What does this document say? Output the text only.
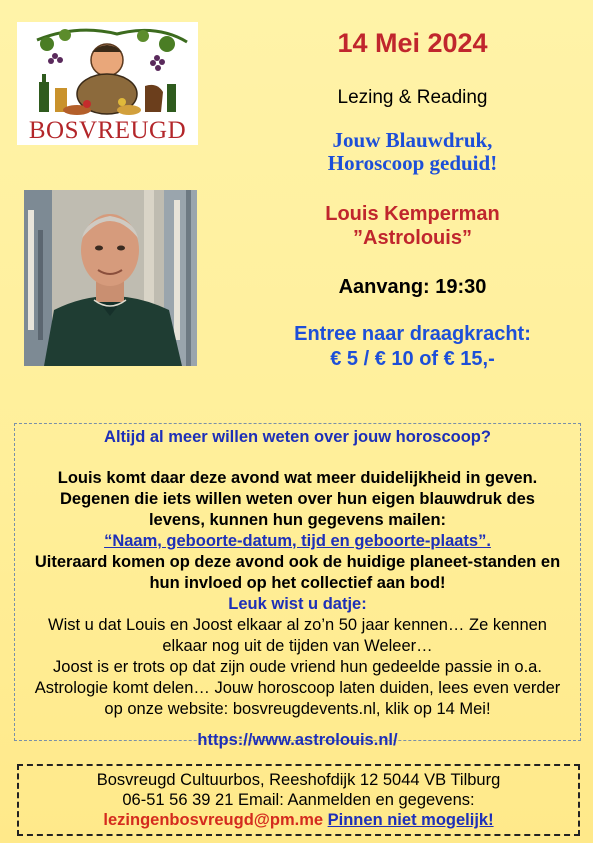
BOSVREUGD
14 Mei 2024
Lezing & Reading
Jouw Blauwdruk,
Horoscoop geduid!
Louis Kemperman
”Astrolouis”
Aanvang: 19:30
Entree naar draagkracht:
€ 5 / € 10 of € 15,-

Altijd al meer willen weten over jouw horoscoop?

Louis komt daar deze avond wat meer duidelijkheid in geven. Degenen die iets willen weten over hun eigen blauwdruk des levens, kunnen hun gegevens mailen:

“Naam, geboorte-datum, tijd en geboorte-plaats”.

Uiteraard komen op deze avond ook de huidige planeet-standen en hun invloed op het collectief aan bod!

Leuk wist u datje:

Wist u dat Louis en Joost elkaar al zo’n 50 jaar kennen… Ze kennen elkaar nog uit de tijden van Weleer…

Joost is er trots op dat zijn oude vriend hun gedeelde passie in o.a. Astrologie komt delen… Jouw horoscoop laten duiden, lees even verder op onze website: bosvreugdevents.nl, klik op 14 Mei!

https://www.astrolouis.nl/

Bosvreugd Cultuurbos, Reeshofdijk 12 5044 VB Tilburg
06-51 56 39 21 Email: Aanmelden en gegevens:
lezingenbosvreugd@pm.me Pinnen niet mogelijk!
